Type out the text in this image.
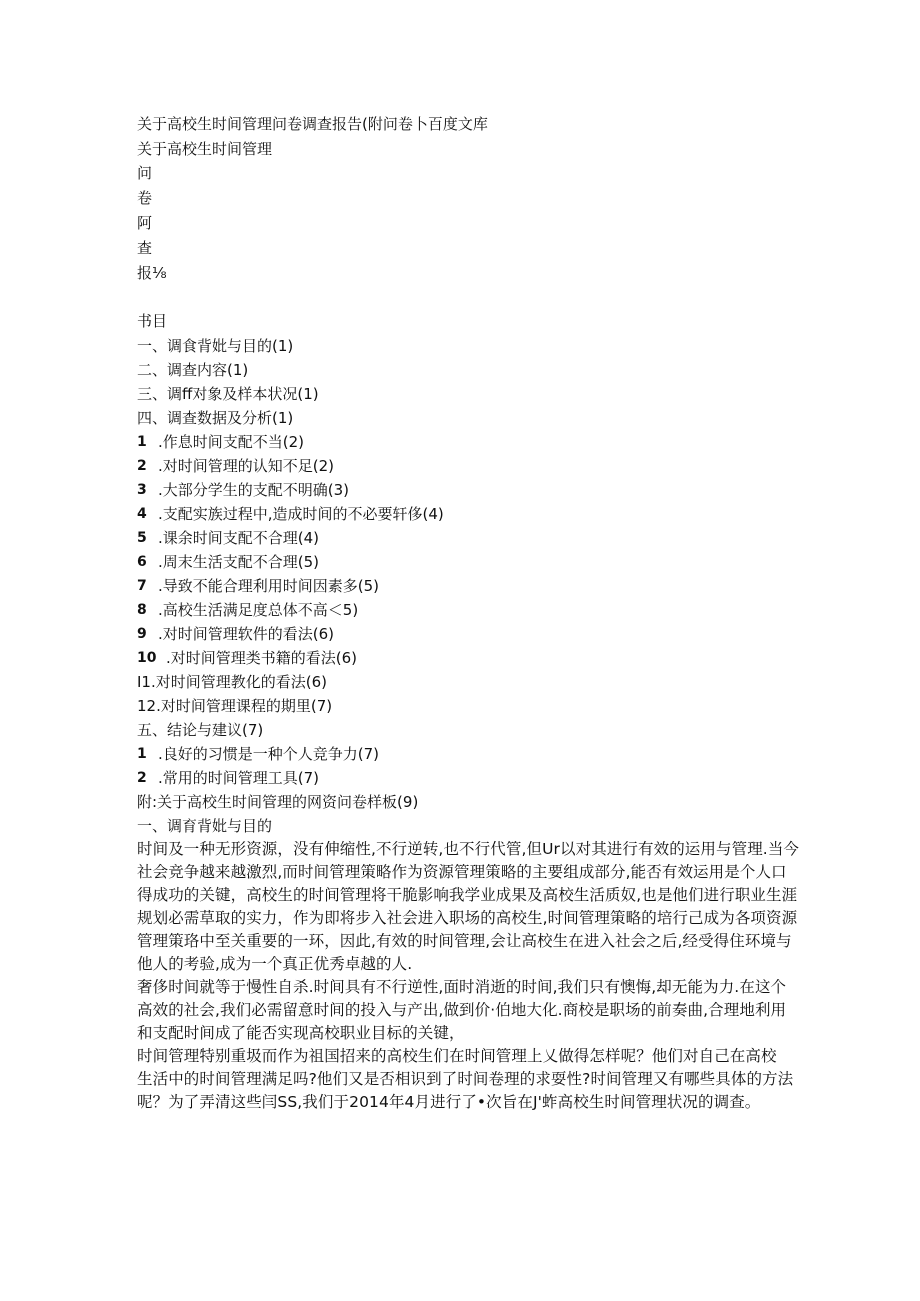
关于高校生时间管理问卷调查报告(附问卷卜百度文库
关于高校生时间管理
问
卷
阿
查
报⅛
书目
一、调食背妣与目的(1)
二、调查内容(1)
三、调ff对象及样本状况(1)
四、调查数据及分析(1)
1 .作息时间支配不当(2)
2 .对时间管理的认知不足(2)
3 .大部分学生的支配不明确(3)
4 .支配实族过程中,造成时间的不必要轩侈(4)
5 .课余时间支配不合理(4)
6 .周末生活支配不合理(5)
7 .导致不能合理利用时间因素多(5)
8 .高校生活满足度总体不高＜5)
9 .对时间管理软件的看法(6)
10 .对时间管理类书籍的看法(6)
I1.对时间管理教化的看法(6)
12.对时间管理课程的期里(7)
五、结论与建议(7)
1 .良好的习惯是一种个人竞争力(7)
2 .常用的时间管理工具(7)
附:关于高校生时间管理的网资问卷样板(9)
一、调育背妣与目的
时间及一种无形资源，没有伸缩性,不行逆转,也不行代管,但Ur以对其进行有效的运用与管理.当今
社会竞争越来越激烈,而时间管理策略作为资源管理策略的主要组成部分,能否有效运用是个人口
得成功的关键，高校生的时间管理将干脆影响我学业成果及高校生活质奴,也是他们进行职业生涯
规划必需草取的实力，作为即将步入社会进入职场的高校生,时间管理策略的培行己成为各项资源
管理策珞中至关重要的一环，因此,有效的时间管理,会让高校生在进入社会之后,经受得住环境与
他人的考验,成为一个真正优秀卓越的人.
奢侈时间就等于慢性自杀.时间具有不行逆性,面时消逝的时间,我们只有懊悔,却无能为力.在这个
高效的社会,我们必需留意时间的投入与产出,做到价·伯地大化.商校是职场的前奏曲,合理地利用
和支配时间成了能否实现高校职业目标的关键，
时间管理特别重圾而作为祖国招来的高校生们在时间管理上乂做得怎样呢？他们对自己在高校
生活中的时间管理满足吗?他们又是否相识到了时间卷理的求耍性?时间管理又有哪些具体的方法
呢？为了弄清这些闫SS,我们于2014年4月进行了•次旨在J'蚱高校生时间管理状况的调查。
